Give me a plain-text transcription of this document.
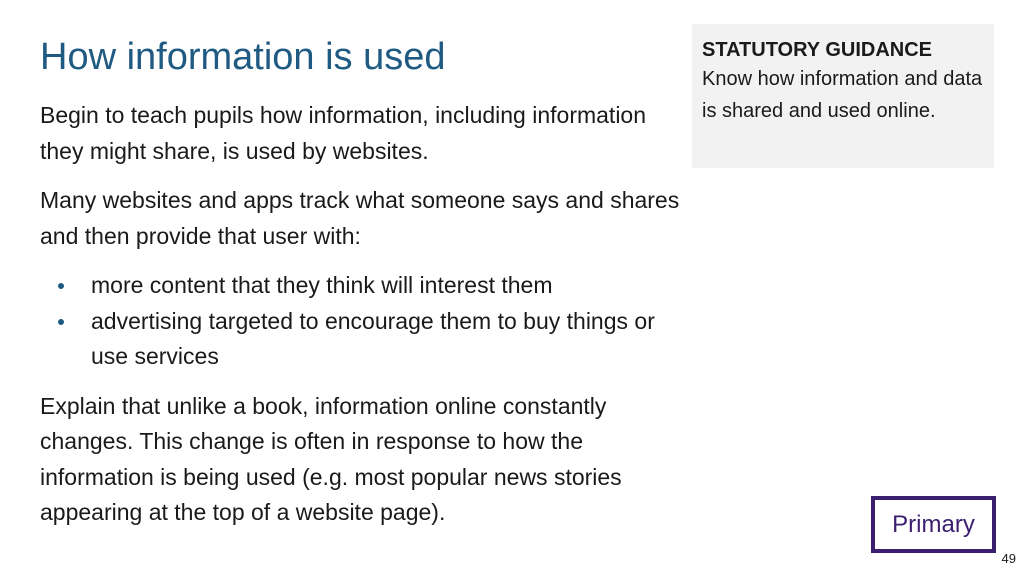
How information is used

Begin to teach pupils how information, including information they might share, is used by websites.

Many websites and apps track what someone says and shares and then provide that user with:

more content that they think will interest them
advertising targeted to encourage them to buy things or use services

Explain that unlike a book, information online constantly changes. This change is often in response to how the information is being used (e.g. most popular news stories appearing at the top of a website page).

STATUTORY GUIDANCE
Know how information and data is shared and used online.
Primary
49
